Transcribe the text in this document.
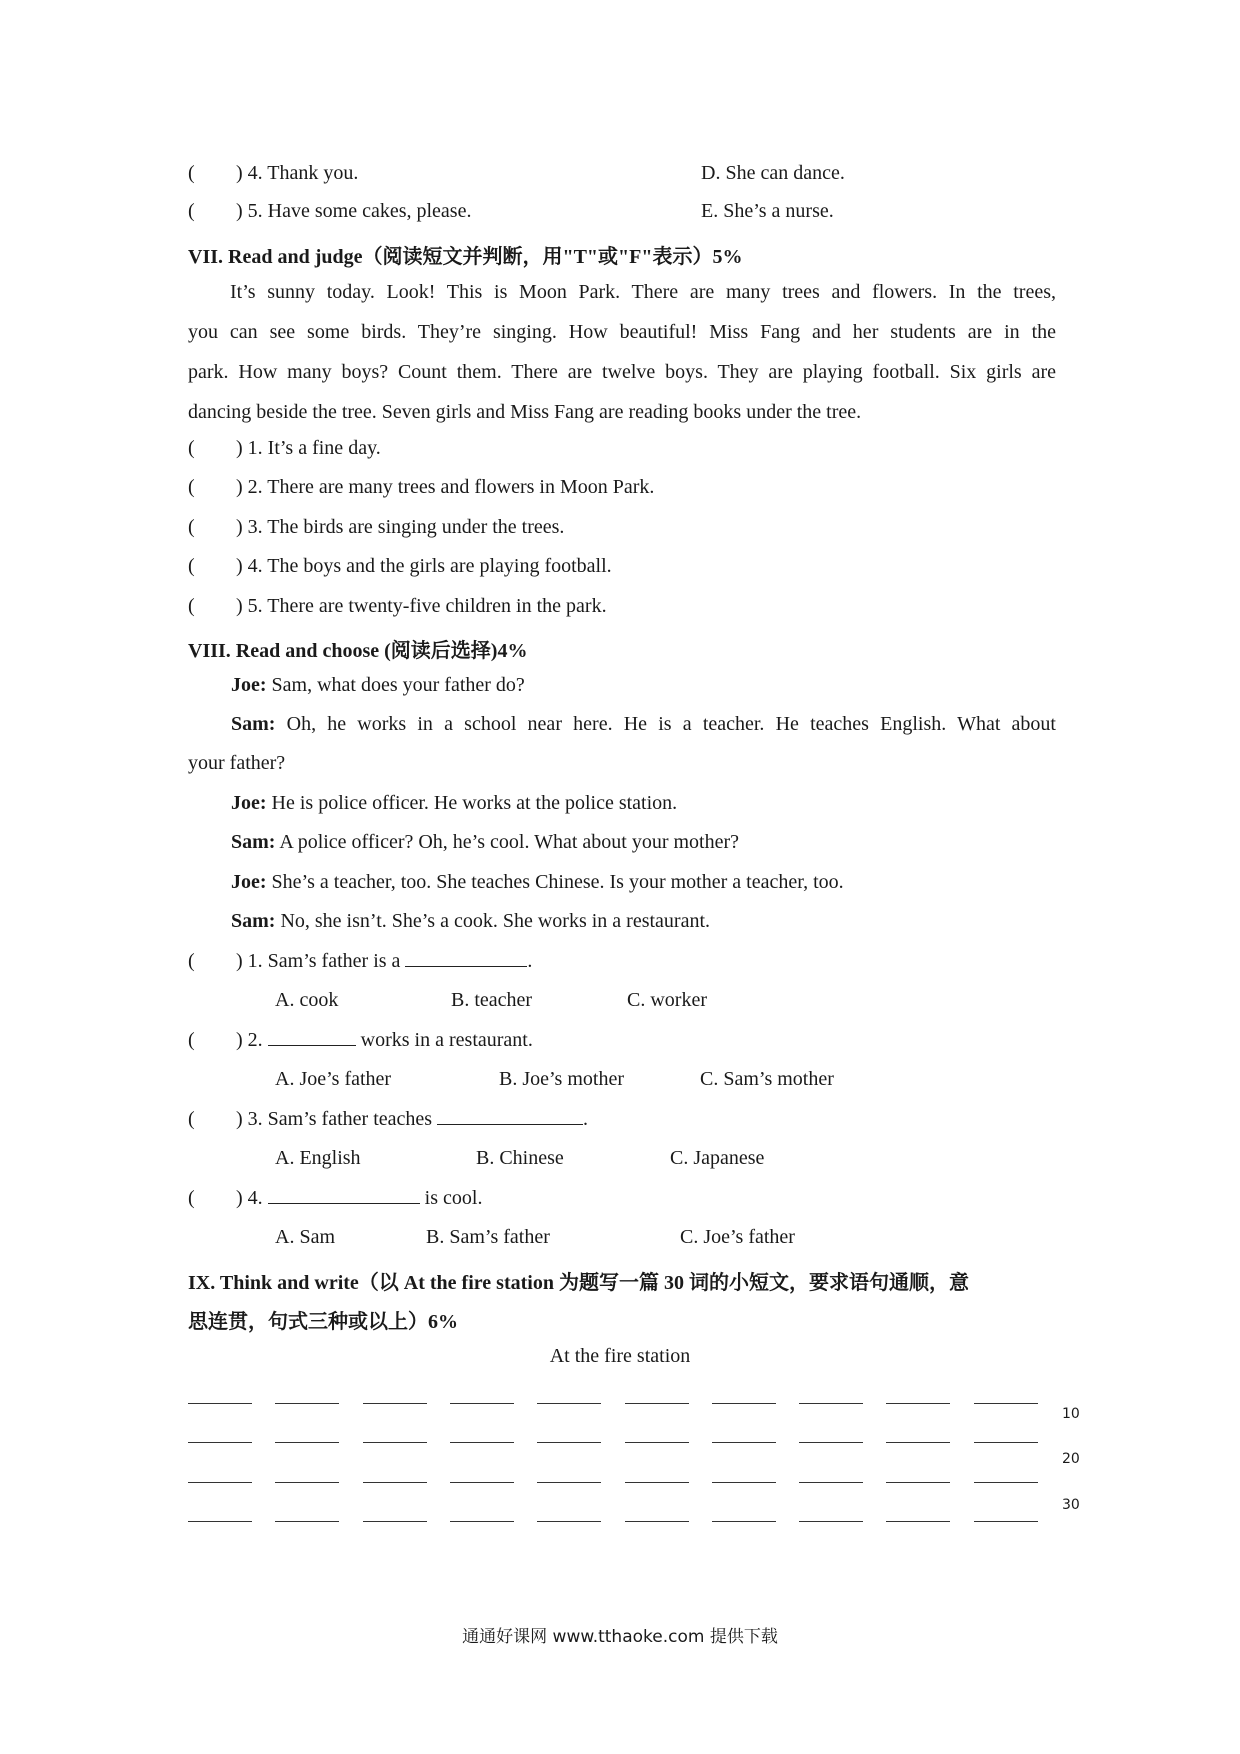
( ) 4. Thank you.	D. She can dance.
( ) 5. Have some cakes, please.	E. She’s a nurse.
VII. Read and judge（阅读短文并判断，用"T"或"F"表示）5%
It’s sunny today. Look! This is Moon Park. There are many trees and flowers. In the trees,
you can see some birds. They’re singing. How beautiful! Miss Fang and her students are in the
park. How many boys? Count them. There are twelve boys. They are playing football. Six girls are
dancing beside the tree. Seven girls and Miss Fang are reading books under the tree.
( ) 1. It’s a fine day.
( ) 2. There are many trees and flowers in Moon Park.
( ) 3. The birds are singing under the trees.
( ) 4. The boys and the girls are playing football.
( ) 5. There are twenty-five children in the park.
VIII. Read and choose (阅读后选择)4%
Joe: Sam, what does your father do?
Sam: Oh, he works in a school near here. He is a teacher. He teaches English. What about
your father?
Joe: He is police officer. He works at the police station.
Sam: A police officer? Oh, he’s cool. What about your mother?
Joe: She’s a teacher, too. She teaches Chinese. Is your mother a teacher, too.
Sam: No, she isn’t. She’s a cook. She works in a restaurant.
( ) 1. Sam’s father is a	.
A. cook	B. teacher	C. worker
( ) 2.	works in a restaurant.
A. Joe’s father	B. Joe’s mother	C. Sam’s mother
( ) 3. Sam’s father teaches	.
A. English	B. Chinese	C. Japanese
( ) 4.	is cool.
A. Sam	B. Sam’s father	C. Joe’s father
IX. Think and write（以 At the fire station 为题写一篇 30 词的小短文，要求语句通顺，意
思连贯，句式三种或以上）6%
At the fire station
10
20
30
通通好课网 www.tthaoke.com 提供下载
